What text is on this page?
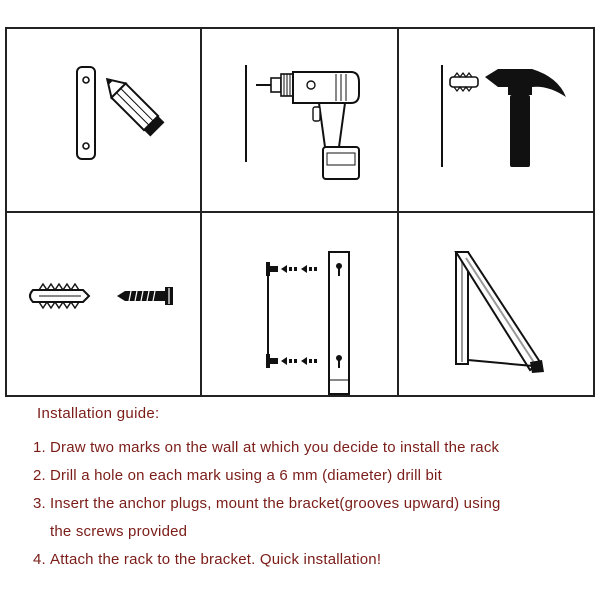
Installation guide:
1. Draw two marks on the wall at which you decide to install the rack
2. Drill a hole on each mark using a 6 mm (diameter) drill bit
3. Insert the anchor plugs, mount the bracket(grooves upward) using
the screws provided
4. Attach the rack to the bracket. Quick installation!
